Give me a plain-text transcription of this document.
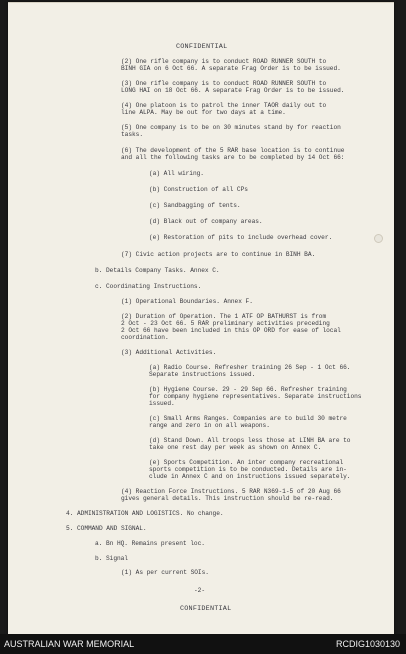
CONFIDENTIAL
(2) One rifle company is to conduct ROAD RUNNER SOUTH to
BINH GIA on 6 Oct 66. A separate Frag Order is to be issued.
(3) One rifle company is to conduct ROAD RUNNER SOUTH to
LONG HAI on 18 Oct 66. A separate Frag Order is to be issued.
(4) One platoon is to patrol the inner TAOR daily out to
line ALPA. May be out for two days at a time.
(5) One company is to be on 30 minutes stand by for reaction
tasks.
(6) The development of the 5 RAR base location is to continue
and all the following tasks are to be completed by 14 Oct 66:
(a) All wiring.
(b) Construction of all CPs
(c) Sandbagging of tents.
(d) Black out of company areas.
(e) Restoration of pits to include overhead cover.
(7) Civic action projects are to continue in BINH BA.
b. Details Company Tasks. Annex C.
c. Coordinating Instructions.
(1) Operational Boundaries. Annex F.
(2) Duration of Operation. The 1 ATF OP BATHURST is from
2 Oct - 23 Oct 66. 5 RAR preliminary activities preceding
2 Oct 66 have been included in this OP ORD for ease of local
coordination.
(3) Additional Activities.
(a) Radio Course. Refresher training 26 Sep - 1 Oct 66.
Separate instructions issued.
(b) Hygiene Course. 29 - 29 Sep 66. Refresher training
for company hygiene representatives. Separate instructions
issued.
(c) Small Arms Ranges. Companies are to build 30 metre
range and zero in on all weapons.
(d) Stand Down. All troops less those at LINH BA are to
take one rest day per week as shown on Annex C.
(e) Sports Competition. An inter company recreational
sports competition is to be conducted. Details are in-
clude in Annex C and on instructions issued separately.
(4) Reaction Force Instructions. 5 RAR N369-1-5 of 20 Aug 66
gives general details. This instruction should be re-read.
4. ADMINISTRATION AND LOGISTICS. No change.
5. COMMAND AND SIGNAL.
a. Bn HQ. Remains present loc.
b. Signal
(1) As per current SOIs.
-2-
CONFIDENTIAL
AUSTRALIAN WAR MEMORIAL	RCDIG1030130
